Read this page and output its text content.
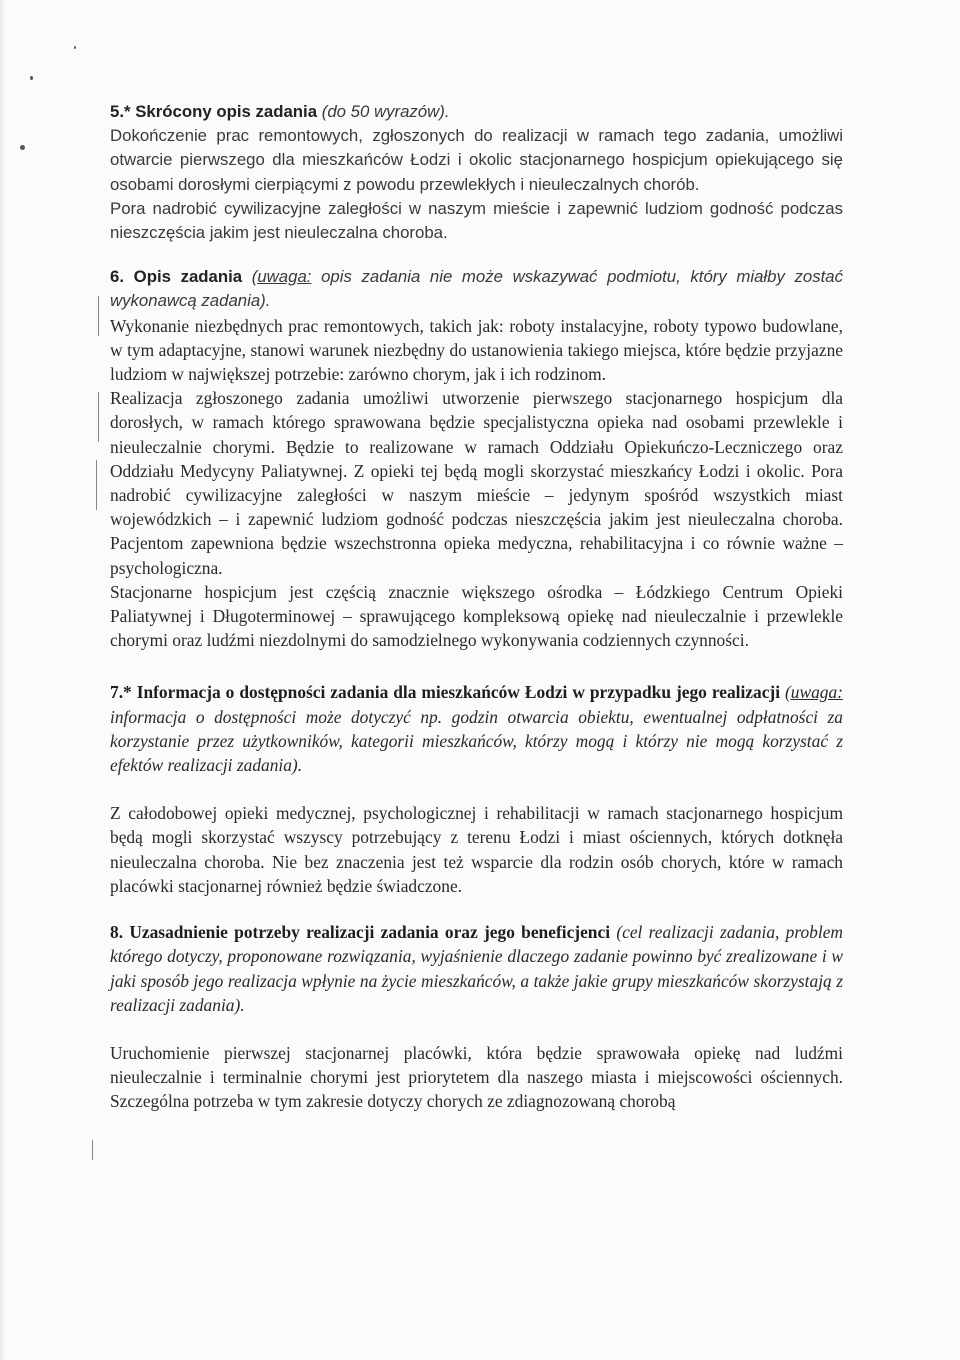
5.* Skrócony opis zadania (do 50 wyrazów).

Dokończenie prac remontowych, zgłoszonych do realizacji w ramach tego zadania, umożliwi otwarcie pierwszego dla mieszkańców Łodzi i okolic stacjonarnego hospicjum opiekującego się osobami dorosłymi cierpiącymi z powodu przewlekłych i nieuleczalnych chorób.

Pora nadrobić cywilizacyjne zaległości w naszym mieście i zapewnić ludziom godność podczas nieszczęścia jakim jest nieuleczalna choroba.

6. Opis zadania (uwaga: opis zadania nie może wskazywać podmiotu, który miałby zostać wykonawcą zadania).

Wykonanie niezbędnych prac remontowych, takich jak: roboty instalacyjne, roboty typowo budowlane, w tym adaptacyjne, stanowi warunek niezbędny do ustanowienia takiego miejsca, które będzie przyjazne ludziom w największej potrzebie: zarówno chorym, jak i ich rodzinom.

Realizacja zgłoszonego zadania umożliwi utworzenie pierwszego stacjonarnego hospicjum dla dorosłych, w ramach którego sprawowana będzie specjalistyczna opieka nad osobami przewlekle i nieuleczalnie chorymi. Będzie to realizowane w ramach Oddziału Opiekuńczo-Leczniczego oraz Oddziału Medycyny Paliatywnej. Z opieki tej będą mogli skorzystać mieszkańcy Łodzi i okolic. Pora nadrobić cywilizacyjne zaległości w naszym mieście – jedynym spośród wszystkich miast wojewódzkich – i zapewnić ludziom godność podczas nieszczęścia jakim jest nieuleczalna choroba. Pacjentom zapewniona będzie wszechstronna opieka medyczna, rehabilitacyjna i co równie ważne – psychologiczna.

Stacjonarne hospicjum jest częścią znacznie większego ośrodka – Łódzkiego Centrum Opieki Paliatywnej i Długoterminowej – sprawującego kompleksową opiekę nad nieuleczalnie i przewlekle chorymi oraz ludźmi niezdolnymi do samodzielnego wykonywania codziennych czynności.

7.* Informacja o dostępności zadania dla mieszkańców Łodzi w przypadku jego realizacji (uwaga: informacja o dostępności może dotyczyć np. godzin otwarcia obiektu, ewentualnej odpłatności za korzystanie przez użytkowników, kategorii mieszkańców, którzy mogą i którzy nie mogą korzystać z efektów realizacji zadania).

Z całodobowej opieki medycznej, psychologicznej i rehabilitacji w ramach stacjonarnego hospicjum będą mogli skorzystać wszyscy potrzebujący z terenu Łodzi i miast ościennych, których dotknęła nieuleczalna choroba. Nie bez znaczenia jest też wsparcie dla rodzin osób chorych, które w ramach placówki stacjonarnej również będzie świadczone.

8. Uzasadnienie potrzeby realizacji zadania oraz jego beneficjenci (cel realizacji zadania, problem którego dotyczy, proponowane rozwiązania, wyjaśnienie dlaczego zadanie powinno być zrealizowane i w jaki sposób jego realizacja wpłynie na życie mieszkańców, a także jakie grupy mieszkańców skorzystają z realizacji zadania).

Uruchomienie pierwszej stacjonarnej placówki, która będzie sprawowała opiekę nad ludźmi nieuleczalnie i terminalnie chorymi jest priorytetem dla naszego miasta i miejscowości ościennych. Szczególna potrzeba w tym zakresie dotyczy chorych ze zdiagnozowaną chorobą
